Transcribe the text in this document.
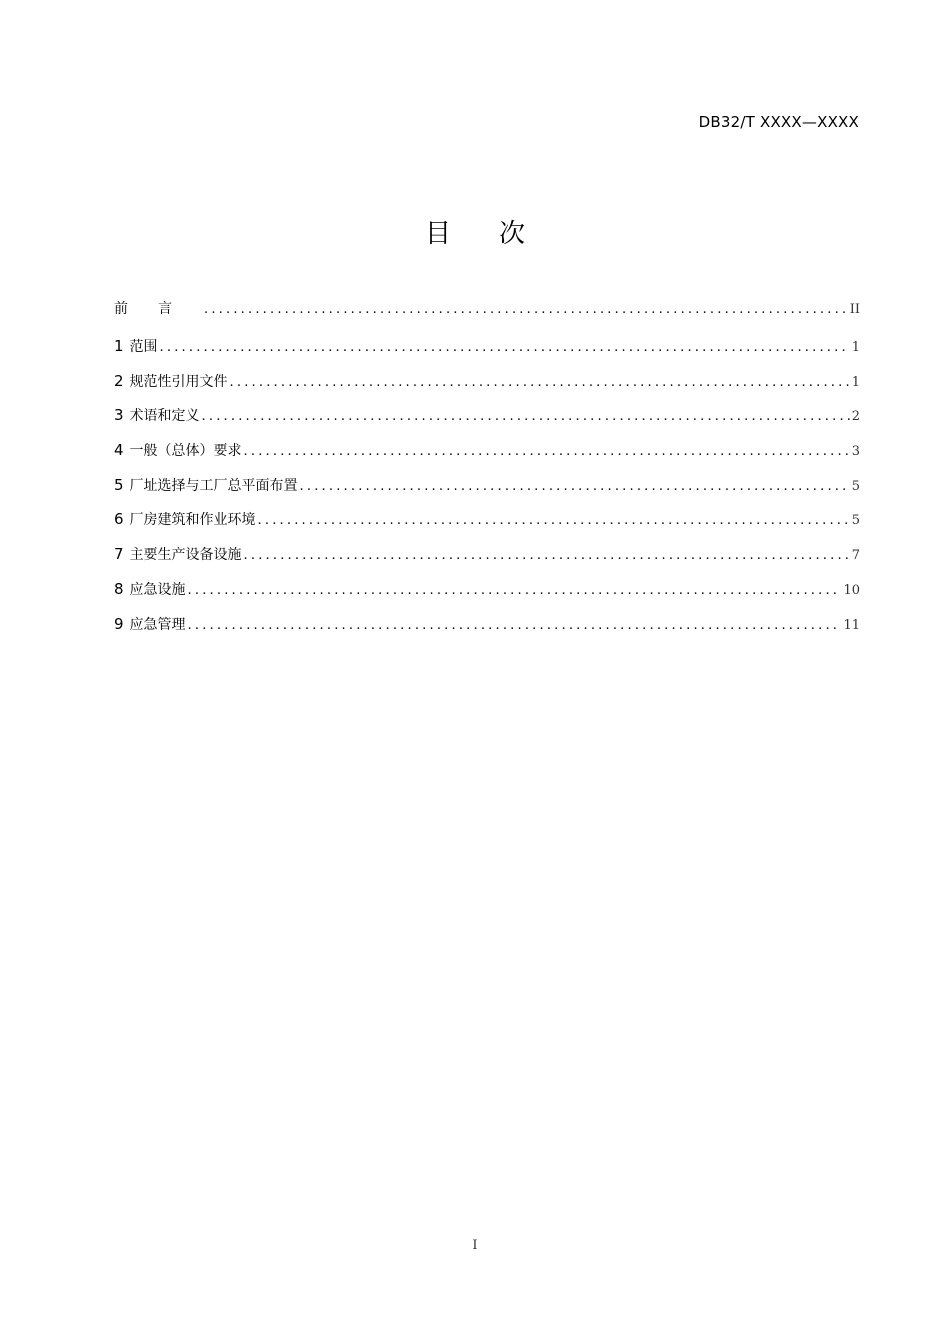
DB32/T XXXX—XXXX
目次
前言 .....	II
1 范围 .....	1
2 规范性引用文件 .....	1
3 术语和定义 .....	2
4 一般（总体）要求 .....	3
5 厂址选择与工厂总平面布置 .....	5
6 厂房建筑和作业环境 .....	5
7 主要生产设备设施 .....	7
8 应急设施 .....	10
9 应急管理 .....	11
I
